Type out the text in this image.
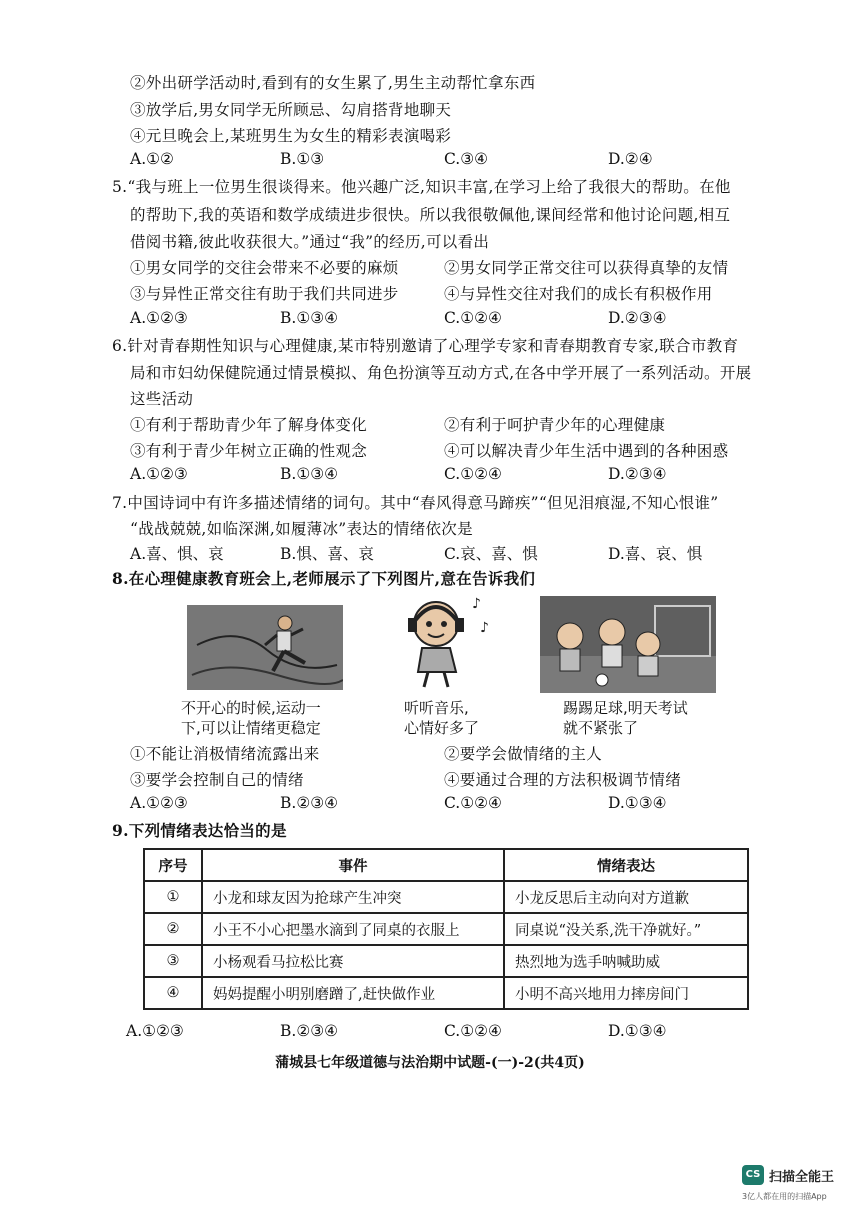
②外出研学活动时,看到有的女生累了,男生主动帮忙拿东西
③放学后,男女同学无所顾忌、勾肩搭背地聊天
④元旦晚会上,某班男生为女生的精彩表演喝彩
A.①②	B.①③	C.③④	D.②④
5.“我与班上一位男生很谈得来。他兴趣广泛,知识丰富,在学习上给了我很大的帮助。在他
的帮助下,我的英语和数学成绩进步很快。所以我很敬佩他,课间经常和他讨论问题,相互
借阅书籍,彼此收获很大。”通过“我”的经历,可以看出
①男女同学的交往会带来不必要的麻烦	②男女同学正常交往可以获得真挚的友情
③与异性正常交往有助于我们共同进步	④与异性交往对我们的成长有积极作用
A.①②③	B.①③④	C.①②④	D.②③④
6.针对青春期性知识与心理健康,某市特别邀请了心理学专家和青春期教育专家,联合市教育
局和市妇幼保健院通过情景模拟、角色扮演等互动方式,在各中学开展了一系列活动。开展
这些活动
①有利于帮助青少年了解身体变化	②有利于呵护青少年的心理健康
③有利于青少年树立正确的性观念	④可以解决青少年生活中遇到的各种困惑
A.①②③	B.①③④	C.①②④	D.②③④
7.中国诗词中有许多描述情绪的词句。其中“春风得意马蹄疾”“但见泪痕湿,不知心恨谁”
“战战兢兢,如临深渊,如履薄冰”表达的情绪依次是
A.喜、惧、哀	B.惧、喜、哀	C.哀、喜、惧	D.喜、哀、惧
8.在心理健康教育班会上,老师展示了下列图片,意在告诉我们
♪
♪
不开心的时候,运动一
下,可以让情绪更稳定
听听音乐,
心情好多了
踢踢足球,明天考试
就不紧张了
①不能让消极情绪流露出来	②要学会做情绪的主人
③要学会控制自己的情绪	④要通过合理的方法积极调节情绪
A.①②③	B.②③④	C.①②④	D.①③④
9.下列情绪表达恰当的是
序号	事件	情绪表达
①	小龙和球友因为抢球产生冲突	小龙反思后主动向对方道歉
②	小王不小心把墨水滴到了同桌的衣服上	同桌说“没关系,洗干净就好。”
③	小杨观看马拉松比赛	热烈地为选手呐喊助威
④	妈妈提醒小明别磨蹭了,赶快做作业	小明不高兴地用力摔房间门
A.①②③	B.②③④	C.①②④	D.①③④
蒲城县七年级道德与法治期中试题-(一)-2(共4页)
CS 扫描全能王
3亿人都在用的扫描App
